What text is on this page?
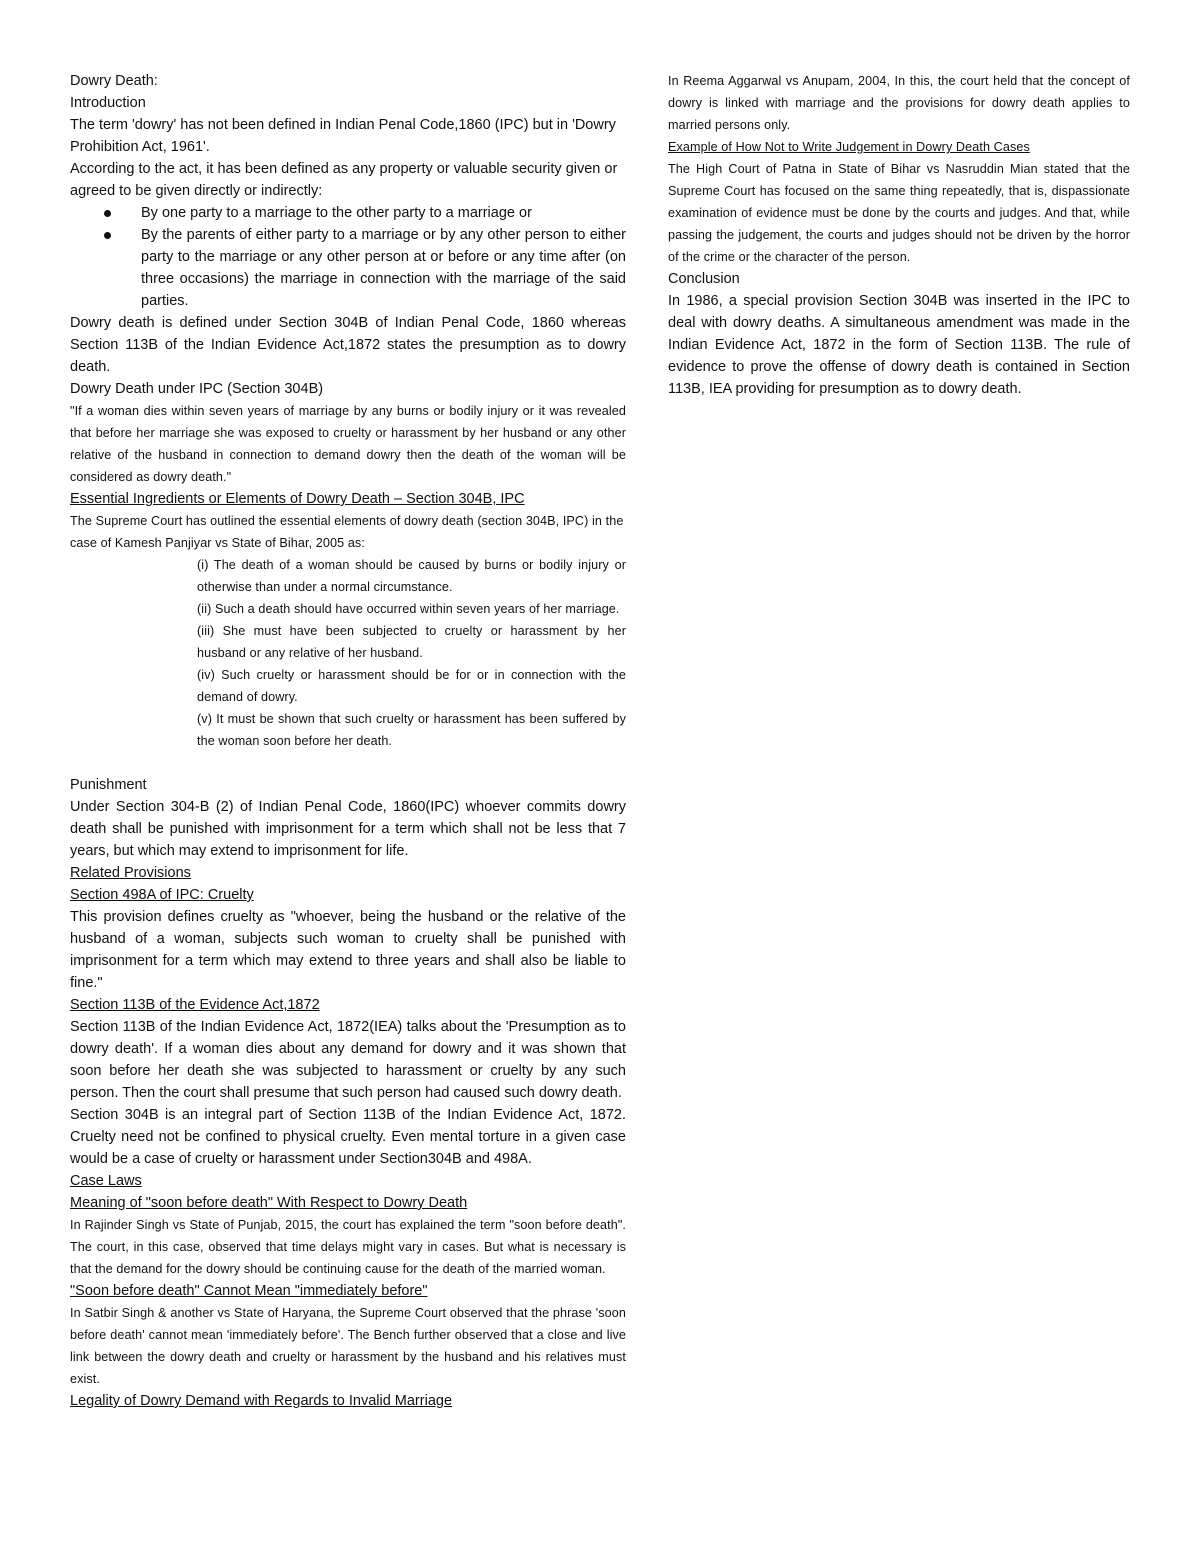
Dowry Death:

Introduction

The term 'dowry' has not been defined in Indian Penal Code,1860 (IPC) but in 'Dowry Prohibition Act, 1961'.

According to the act, it has been defined as any property or valuable security given or agreed to be given directly or indirectly:

By one party to a marriage to the other party to a marriage or
By the parents of either party to a marriage or by any other person to either party to the marriage or any other person at or before or any time after (on three occasions) the marriage in connection with the marriage of the said parties.

Dowry death is defined under Section 304B of Indian Penal Code, 1860 whereas Section 113B of the Indian Evidence Act,1872 states the presumption as to dowry death.

Dowry Death under IPC (Section 304B)

"If a woman dies within seven years of marriage by any burns or bodily injury or it was revealed that before her marriage she was exposed to cruelty or harassment by her husband or any other relative of the husband in connection to demand dowry then the death of the woman will be considered as dowry death."

Essential Ingredients or Elements of Dowry Death – Section 304B, IPC

The Supreme Court has outlined the essential elements of dowry death (section 304B, IPC) in the case of Kamesh Panjiyar vs State of Bihar, 2005 as:

(i) The death of a woman should be caused by burns or bodily injury or otherwise than under a normal circumstance.

(ii) Such a death should have occurred within seven years of her marriage.

(iii) She must have been subjected to cruelty or harassment by her husband or any relative of her husband.

(iv) Such cruelty or harassment should be for or in connection with the demand of dowry.

(v) It must be shown that such cruelty or harassment has been suffered by the woman soon before her death.

Punishment

Under Section 304-B (2) of Indian Penal Code, 1860(IPC) whoever commits dowry death shall be punished with imprisonment for a term which shall not be less that 7 years, but which may extend to imprisonment for life.

Related Provisions

Section 498A of IPC: Cruelty

This provision defines cruelty as "whoever, being the husband or the relative of the husband of a woman, subjects such woman to cruelty shall be punished with imprisonment for a term which may extend to three years and shall also be liable to fine."

Section 113B of the Evidence Act,1872

Section 113B of the Indian Evidence Act, 1872(IEA) talks about the 'Presumption as to dowry death'. If a woman dies about any demand for dowry and it was shown that soon before her death she was subjected to harassment or cruelty by any such person. Then the court shall presume that such person had caused such dowry death.

Section 304B is an integral part of Section 113B of the Indian Evidence Act, 1872. Cruelty need not be confined to physical cruelty. Even mental torture in a given case would be a case of cruelty or harassment under Section304B and 498A.

Case Laws

Meaning of "soon before death" With Respect to Dowry Death

In Rajinder Singh vs State of Punjab, 2015, the court has explained the term "soon before death". The court, in this case, observed that time delays might vary in cases. But what is necessary is that the demand for the dowry should be continuing cause for the death of the married woman.

"Soon before death" Cannot Mean "immediately before"

In Satbir Singh & another vs State of Haryana, the Supreme Court observed that the phrase 'soon before death' cannot mean 'immediately before'. The Bench further observed that a close and live link between the dowry death and cruelty or harassment by the husband and his relatives must exist.

Legality of Dowry Demand with Regards to Invalid Marriage

In Reema Aggarwal vs Anupam, 2004, In this, the court held that the concept of dowry is linked with marriage and the provisions for dowry death applies to married persons only.

Example of How Not to Write Judgement in Dowry Death Cases

The High Court of Patna in State of Bihar vs Nasruddin Mian stated that the Supreme Court has focused on the same thing repeatedly, that is, dispassionate examination of evidence must be done by the courts and judges. And that, while passing the judgement, the courts and judges should not be driven by the horror of the crime or the character of the person.

Conclusion

In 1986, a special provision Section 304B was inserted in the IPC to deal with dowry deaths. A simultaneous amendment was made in the Indian Evidence Act, 1872 in the form of Section 113B. The rule of evidence to prove the offense of dowry death is contained in Section 113B, IEA providing for presumption as to dowry death.
